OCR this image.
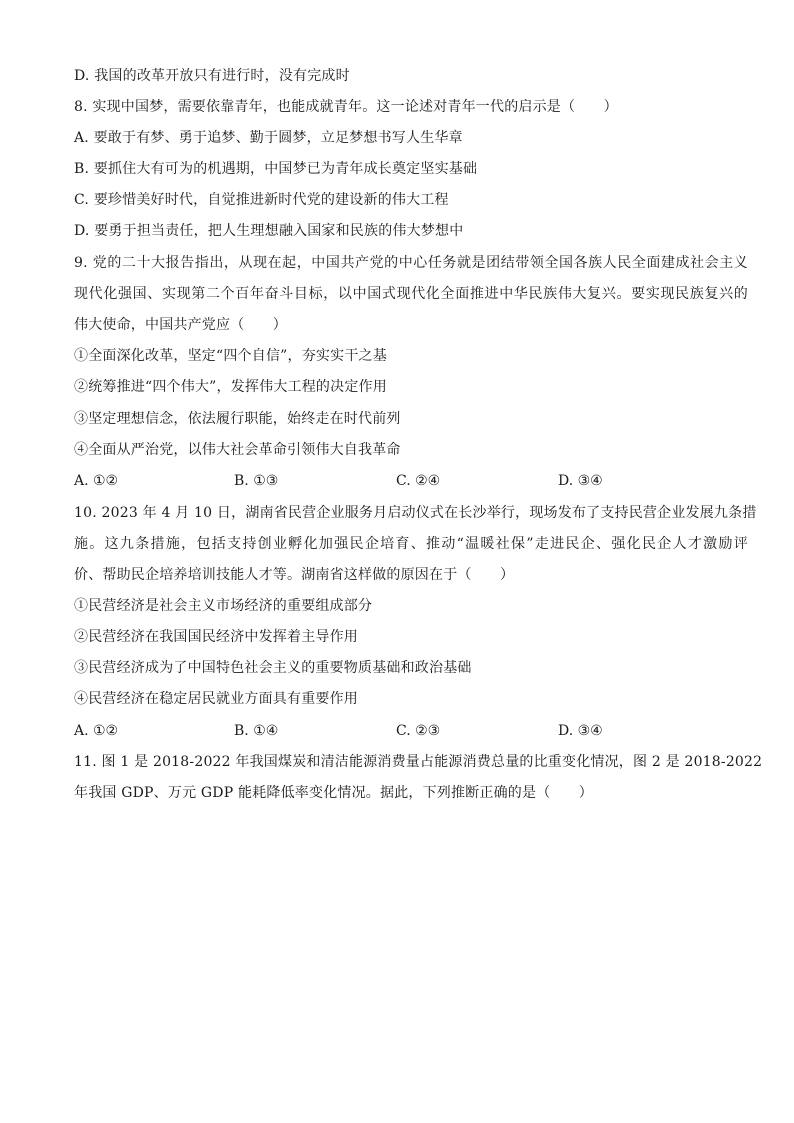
D. 我国的改革开放只有进行时，没有完成时
8. 实现中国梦，需要依靠青年，也能成就青年。这一论述对青年一代的启示是（　　）
A. 要敢于有梦、勇于追梦、勤于圆梦，立足梦想书写人生华章
B. 要抓住大有可为的机遇期，中国梦已为青年成长奠定坚实基础
C. 要珍惜美好时代，自觉推进新时代党的建设新的伟大工程
D. 要勇于担当责任，把人生理想融入国家和民族的伟大梦想中
9. 党的二十大报告指出，从现在起，中国共产党的中心任务就是团结带领全国各族人民全面建成社会主义
现代化强国、实现第二个百年奋斗目标，以中国式现代化全面推进中华民族伟大复兴。要实现民族复兴的
伟大使命，中国共产党应（　　）
①全面深化改革，坚定“四个自信”，夯实实干之基
②统筹推进“四个伟大”，发挥伟大工程的决定作用
③坚定理想信念，依法履行职能，始终走在时代前列
④全面从严治党，以伟大社会革命引领伟大自我革命
A. ①②	B. ①③	C. ②④	D. ③④
10. 2023 年 4 月 10 日，湖南省民营企业服务月启动仪式在长沙举行，现场发布了支持民营企业发展九条措
施。这九条措施，包括支持创业孵化加强民企培育、推动“温暖社保”走进民企、强化民企人才激励评
价、帮助民企培养培训技能人才等。湖南省这样做的原因在于（　　）
①民营经济是社会主义市场经济的重要组成部分
②民营经济在我国国民经济中发挥着主导作用
③民营经济成为了中国特色社会主义的重要物质基础和政治基础
④民营经济在稳定居民就业方面具有重要作用
A. ①②	B. ①④	C. ②③	D. ③④
11. 图 1 是 2018-2022 年我国煤炭和清洁能源消费量占能源消费总量的比重变化情况，图 2 是 2018-2022
年我国 GDP、万元 GDP 能耗降低率变化情况。据此，下列推断正确的是（　　）
